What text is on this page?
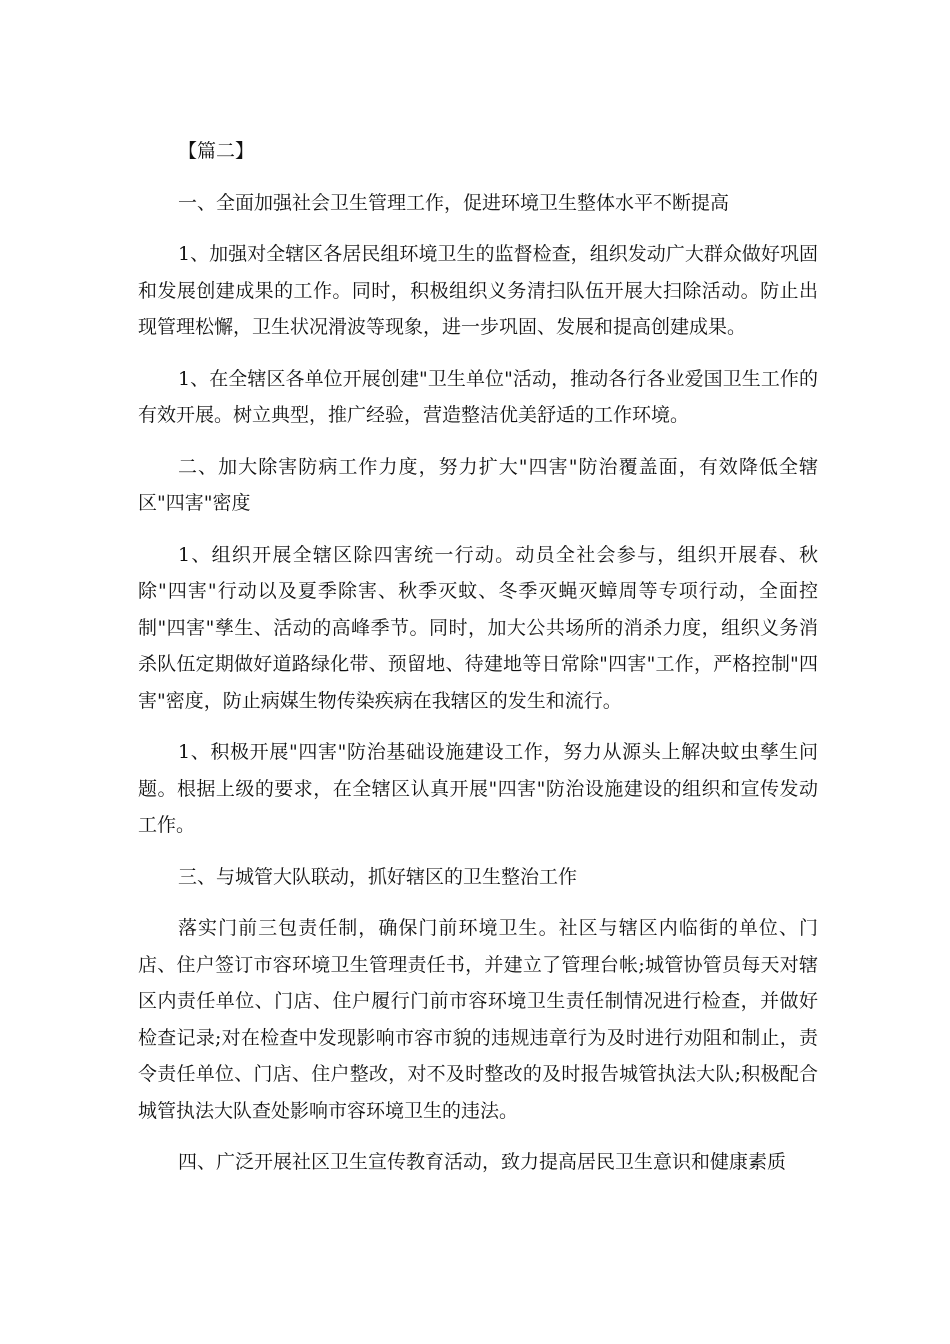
【篇二】

一、全面加强社会卫生管理工作，促进环境卫生整体水平不断提高

1、加强对全辖区各居民组环境卫生的监督检查，组织发动广大群众做好巩固和发展创建成果的工作。同时，积极组织义务清扫队伍开展大扫除活动。防止出现管理松懈，卫生状况滑波等现象，进一步巩固、发展和提高创建成果。

1、在全辖区各单位开展创建"卫生单位"活动，推动各行各业爱国卫生工作的有效开展。树立典型，推广经验，营造整洁优美舒适的工作环境。

二、加大除害防病工作力度，努力扩大"四害"防治覆盖面，有效降低全辖区"四害"密度

1、组织开展全辖区除四害统一行动。动员全社会参与，组织开展春、秋除"四害"行动以及夏季除害、秋季灭蚊、冬季灭蝇灭蟑周等专项行动，全面控制"四害"孳生、活动的高峰季节。同时，加大公共场所的消杀力度，组织义务消杀队伍定期做好道路绿化带、预留地、待建地等日常除"四害"工作，严格控制"四害"密度，防止病媒生物传染疾病在我辖区的发生和流行。

1、积极开展"四害"防治基础设施建设工作，努力从源头上解决蚊虫孳生问题。根据上级的要求，在全辖区认真开展"四害"防治设施建设的组织和宣传发动工作。

三、与城管大队联动，抓好辖区的卫生整治工作

落实门前三包责任制，确保门前环境卫生。社区与辖区内临街的单位、门店、住户签订市容环境卫生管理责任书，并建立了管理台帐;城管协管员每天对辖区内责任单位、门店、住户履行门前市容环境卫生责任制情况进行检查，并做好检查记录;对在检查中发现影响市容市貌的违规违章行为及时进行劝阻和制止，责令责任单位、门店、住户整改，对不及时整改的及时报告城管执法大队;积极配合城管执法大队查处影响市容环境卫生的违法。

四、广泛开展社区卫生宣传教育活动，致力提高居民卫生意识和健康素质
